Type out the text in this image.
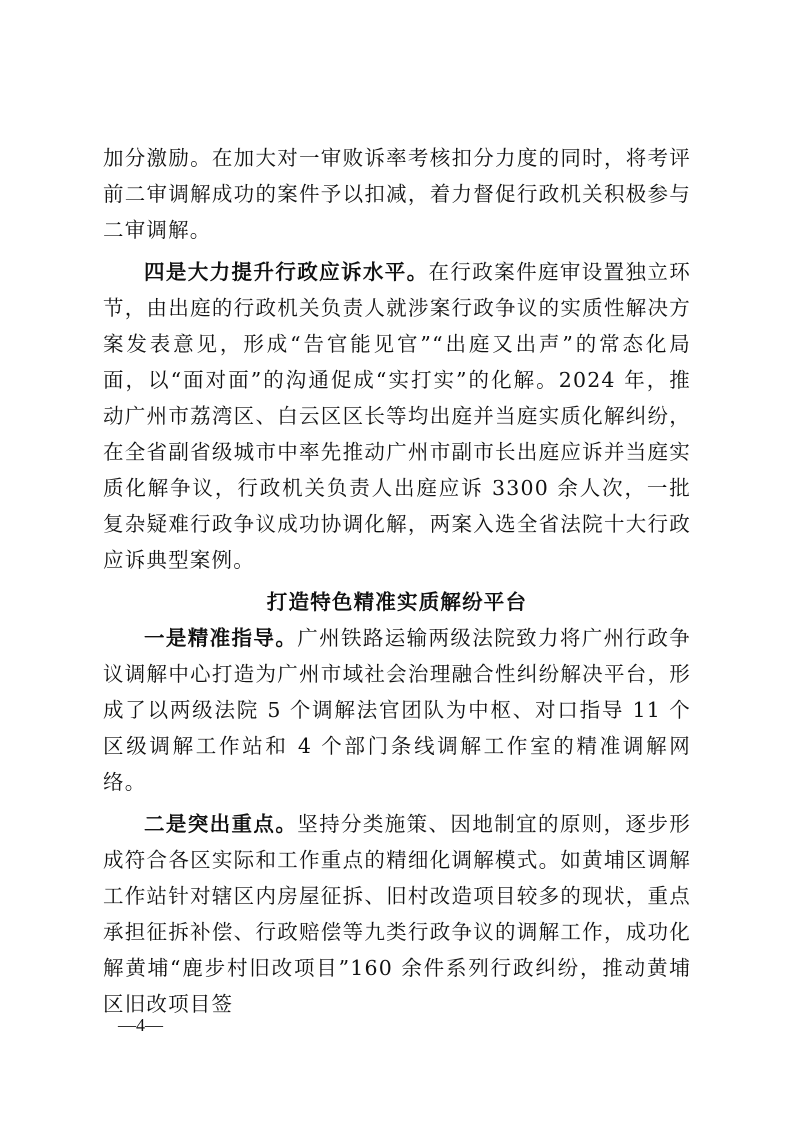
加分激励。在加大对一审败诉率考核扣分力度的同时，将考评前二审调解成功的案件予以扣减，着力督促行政机关积极参与二审调解。

四是大力提升行政应诉水平。在行政案件庭审设置独立环节，由出庭的行政机关负责人就涉案行政争议的实质性解决方案发表意见，形成“告官能见官”“出庭又出声”的常态化局面，以“面对面”的沟通促成“实打实”的化解。2024 年，推动广州市荔湾区、白云区区长等均出庭并当庭实质化解纠纷，在全省副省级城市中率先推动广州市副市长出庭应诉并当庭实质化解争议，行政机关负责人出庭应诉 3300 余人次，一批复杂疑难行政争议成功协调化解，两案入选全省法院十大行政应诉典型案例。

打造特色精准实质解纷平台

一是精准指导。广州铁路运输两级法院致力将广州行政争议调解中心打造为广州市域社会治理融合性纠纷解决平台，形成了以两级法院 5 个调解法官团队为中枢、对口指导 11 个区级调解工作站和 4 个部门条线调解工作室的精准调解网络。

二是突出重点。坚持分类施策、因地制宜的原则，逐步形成符合各区实际和工作重点的精细化调解模式。如黄埔区调解工作站针对辖区内房屋征拆、旧村改造项目较多的现状，重点承担征拆补偿、行政赔偿等九类行政争议的调解工作，成功化解黄埔“鹿步村旧改项目”160 余件系列行政纠纷，推动黄埔区旧改项目签

—4—
